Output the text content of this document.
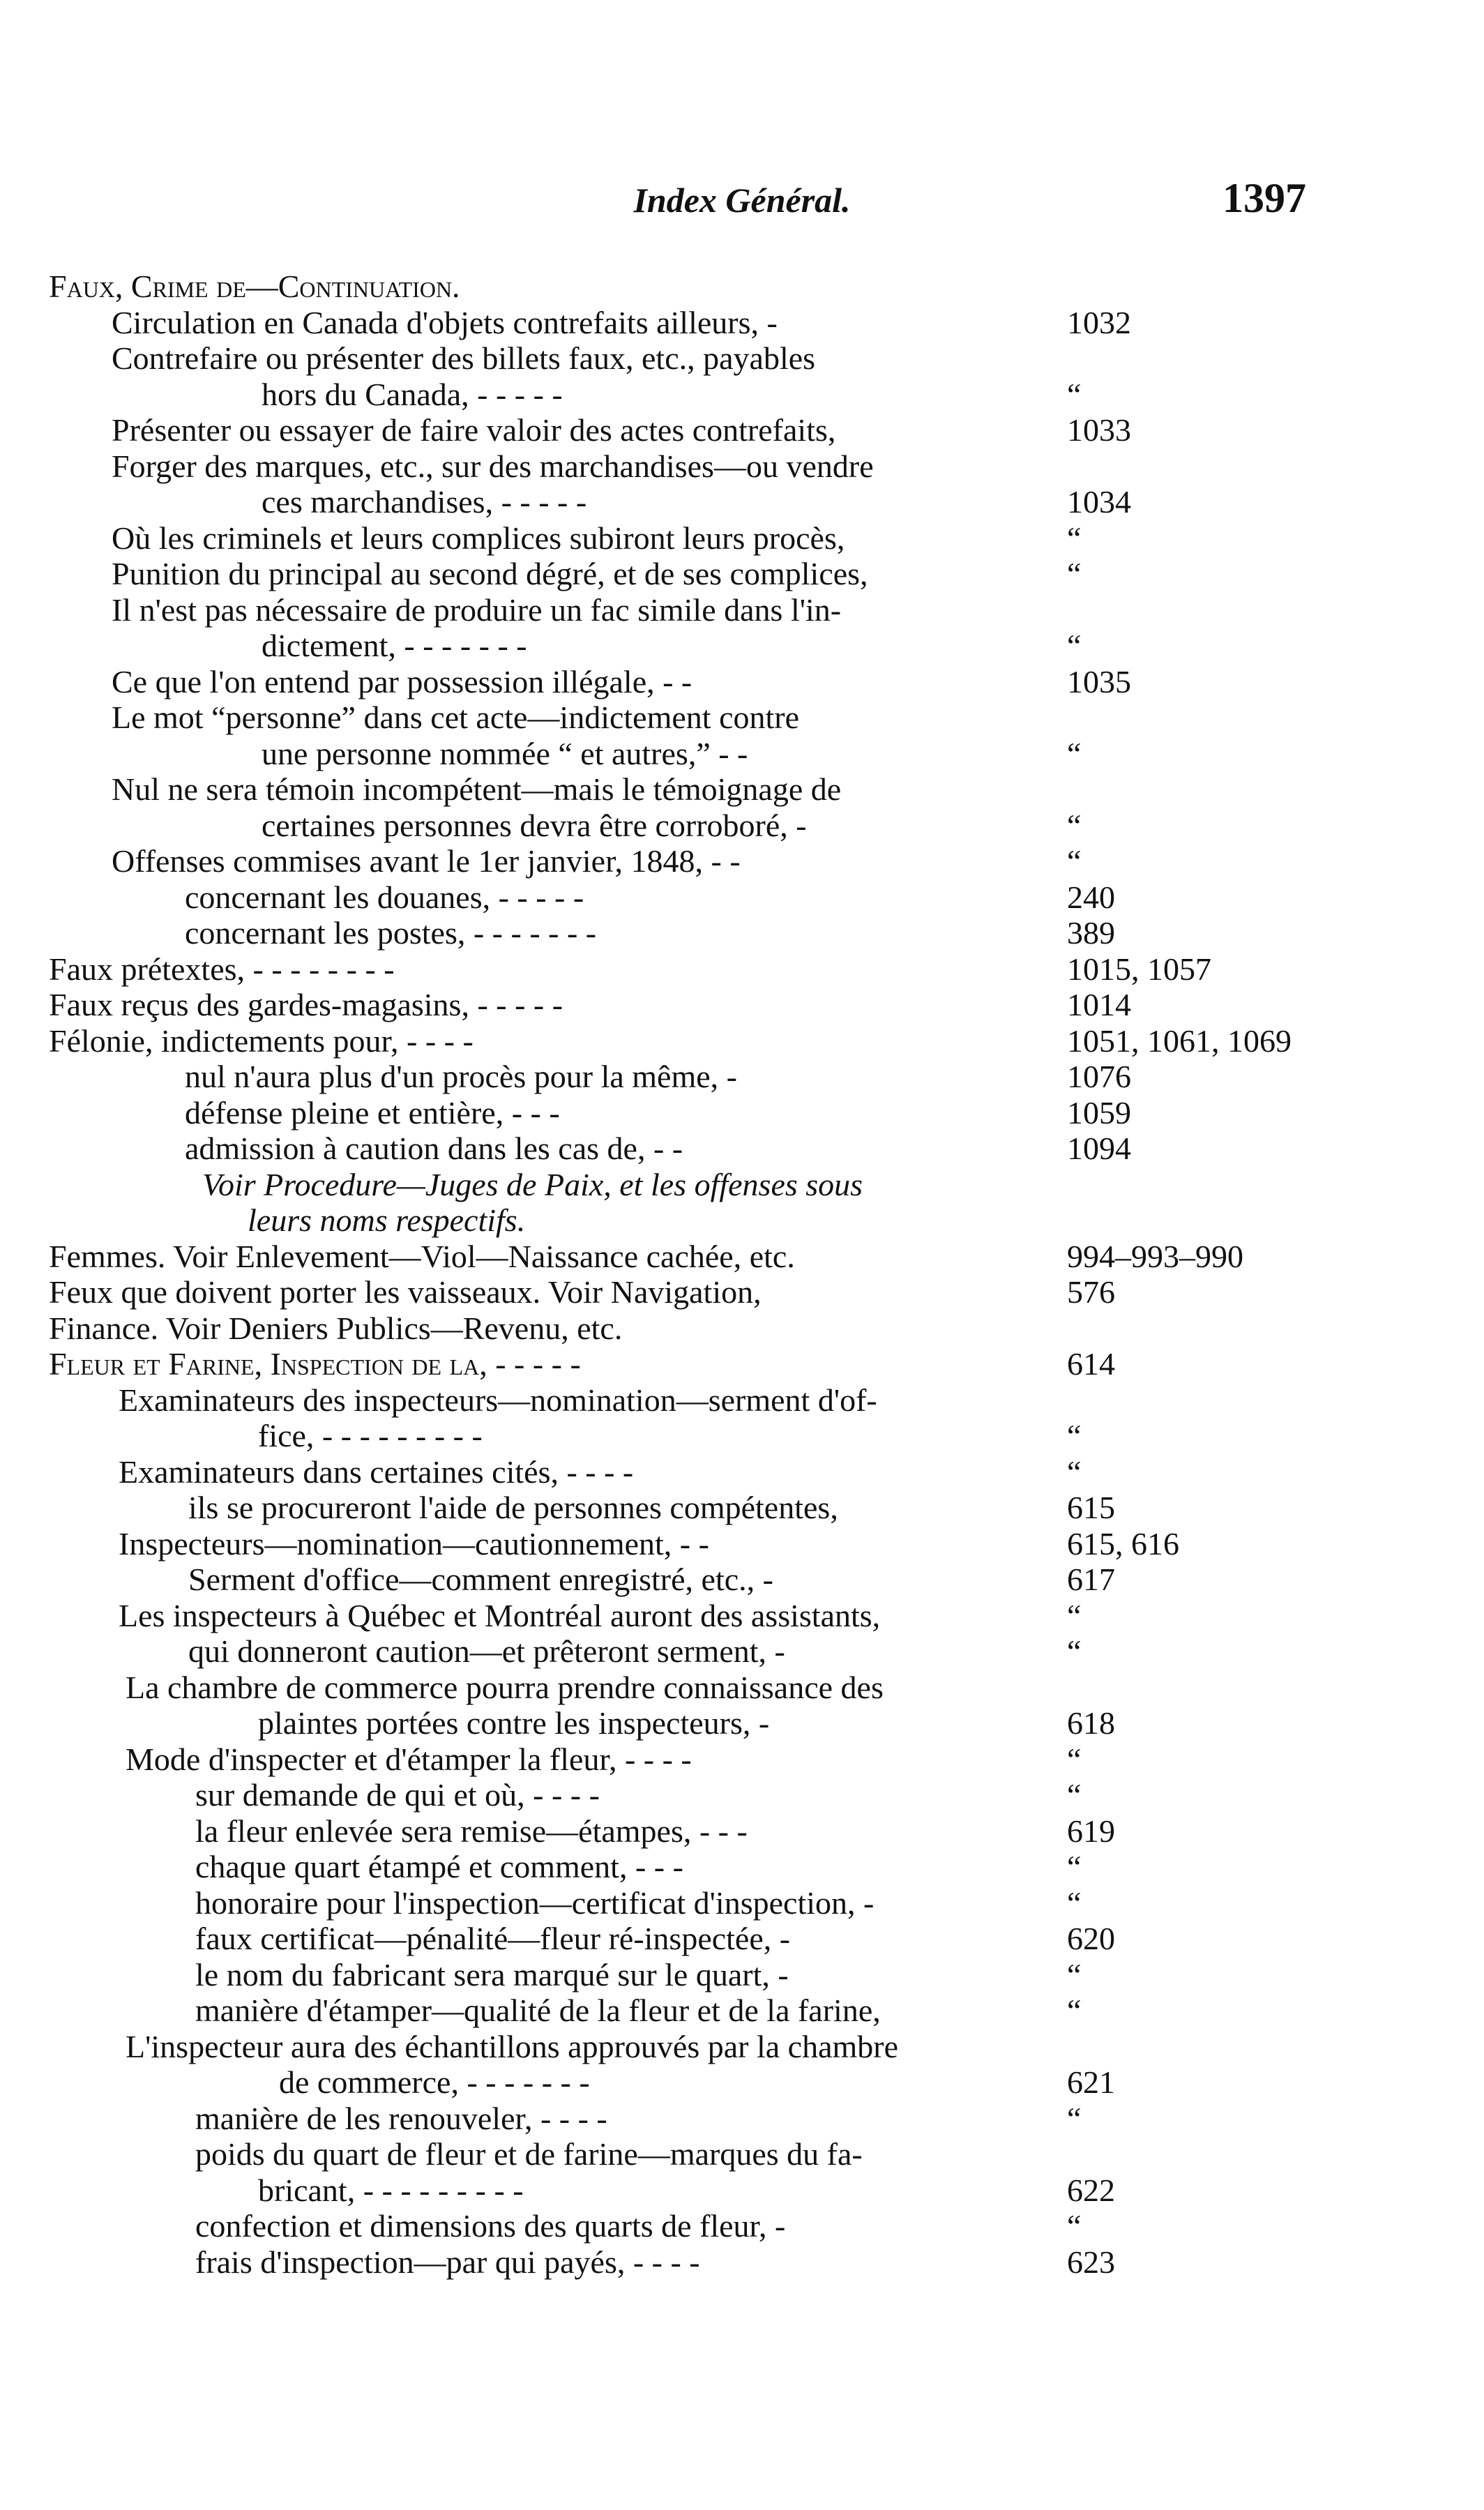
Index Général.	1397
Faux, Crime de—Continuation.
Circulation en Canada d'objets contrefaits ailleurs, -	1032
Contrefaire ou présenter des billets faux, etc., payables
hors du Canada, - - - - -	“
Présenter ou essayer de faire valoir des actes contrefaits,	1033
Forger des marques, etc., sur des marchandises—ou vendre
ces marchandises, - - - - -	1034
Où les criminels et leurs complices subiront leurs procès,	“
Punition du principal au second dégré, et de ses complices,	“
Il n'est pas nécessaire de produire un fac simile dans l'in-
dictement, - - - - - - -	“
Ce que l'on entend par possession illégale, - -	1035
Le mot “personne” dans cet acte—indictement contre
une personne nommée “ et autres,” - -	“
Nul ne sera témoin incompétent—mais le témoignage de
certaines personnes devra être corroboré, -	“
Offenses commises avant le 1er janvier, 1848, - -	“
concernant les douanes, - - - - -	240
concernant les postes, - - - - - - -	389
Faux prétextes, - - - - - - - -	1015, 1057
Faux reçus des gardes-magasins, - - - - -	1014
Félonie, indictements pour, - - - -	1051, 1061, 1069
nul n'aura plus d'un procès pour la même, -	1076
défense pleine et entière, - - -	1059
admission à caution dans les cas de, - -	1094
Voir Procedure—Juges de Paix, et les offenses sous
leurs noms respectifs.
Femmes. Voir Enlevement—Viol—Naissance cachée, etc.	994–993–990
Feux que doivent porter les vaisseaux. Voir Navigation,	576
Finance. Voir Deniers Publics—Revenu, etc.
Fleur et Farine, Inspection de la, - - - - -	614
Examinateurs des inspecteurs—nomination—serment d'of-
fice, - - - - - - - - -	“
Examinateurs dans certaines cités, - - - -	“
ils se procureront l'aide de personnes compétentes,	615
Inspecteurs—nomination—cautionnement, - -	615, 616
Serment d'office—comment enregistré, etc., -	617
Les inspecteurs à Québec et Montréal auront des assistants,	“
qui donneront caution—et prêteront serment, -	“
La chambre de commerce pourra prendre connaissance des
plaintes portées contre les inspecteurs, -	618
Mode d'inspecter et d'étamper la fleur, - - - -	“
sur demande de qui et où, - - - -	“
la fleur enlevée sera remise—étampes, - - -	619
chaque quart étampé et comment, - - -	“
honoraire pour l'inspection—certificat d'inspection, -	“
faux certificat—pénalité—fleur ré-inspectée, -	620
le nom du fabricant sera marqué sur le quart, -	“
manière d'étamper—qualité de la fleur et de la farine,	“
L'inspecteur aura des échantillons approuvés par la chambre
de commerce, - - - - - - -	621
manière de les renouveler, - - - -	“
poids du quart de fleur et de farine—marques du fa-
bricant, - - - - - - - - -	622
confection et dimensions des quarts de fleur, -	“
frais d'inspection—par qui payés, - - - -	623
